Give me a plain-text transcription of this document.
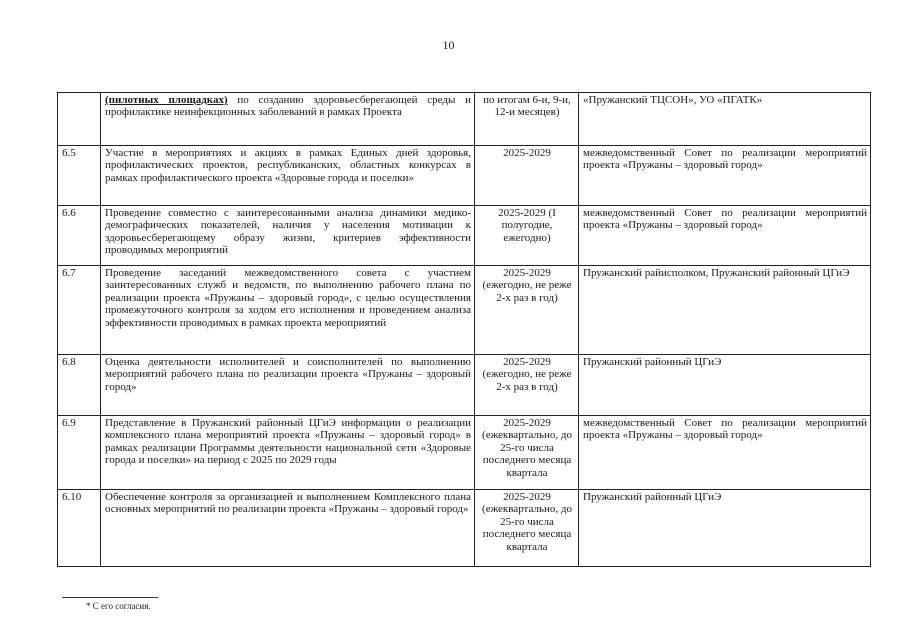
10
	(пилотных площадках) по созданию здоровьесберегающей среды и профилактике неинфекционных заболеваний в рамках Проекта	по итогам 6-и, 9-и, 12-и месяцев)	«Пружанский ТЦСОН», УО «ПГАТК»
6.5	Участие в мероприятиях и акциях в рамках Единых дней здоровья, профилактических проектов, республиканских, областных конкурсах в рамках профилактического проекта «Здоровые города и поселки»	2025-2029	межведомственный Совет по реализации мероприятий проекта «Пружаны – здоровый город»
6.6	Проведение совместно с заинтересованными анализа динамики медико-демографических показателей, наличия у населения мотивации к здоровьесберегающему образу жизни, критериев эффективности проводимых мероприятий	2025-2029 (I полугодие, ежегодно)	межведомственный Совет по реализации мероприятий проекта «Пружаны – здоровый город»
6.7	Проведение заседаний межведомственного совета с участием заинтересованных служб и ведомств, по выполнению рабочего плана по реализации проекта «Пружаны – здоровый город», с целью осуществления промежуточного контроля за ходом его исполнения и проведением анализа эффективности проводимых в рамках проекта мероприятий	2025-2029 (ежегодно, не реже 2-х раз в год)	Пружанский райисполком, Пружанский районный ЦГиЭ
6.8	Оценка деятельности исполнителей и соисполнителей по выполнению мероприятий рабочего плана по реализации проекта «Пружаны – здоровый город»	2025-2029 (ежегодно, не реже 2-х раз в год)	Пружанский районный ЦГиЭ
6.9	Представление в Пружанский районный ЦГиЭ информации о реализации комплексного плана мероприятий проекта «Пружаны – здоровый город» в рамках реализации Программы деятельности национальной сети «Здоровые города и поселки» на период с 2025 по 2029 годы	2025-2029 (ежеквартально, до 25-го числа последнего месяца квартала	межведомственный Совет по реализации мероприятий проекта «Пружаны – здоровый город»
6.10	Обеспечение контроля за организацией и выполнением Комплексного плана основных мероприятий по реализации проекта «Пружаны – здоровый город»	2025-2029 (ежеквартально, до 25-го числа последнего месяца квартала	Пружанский районный ЦГиЭ
* С его согласия.
